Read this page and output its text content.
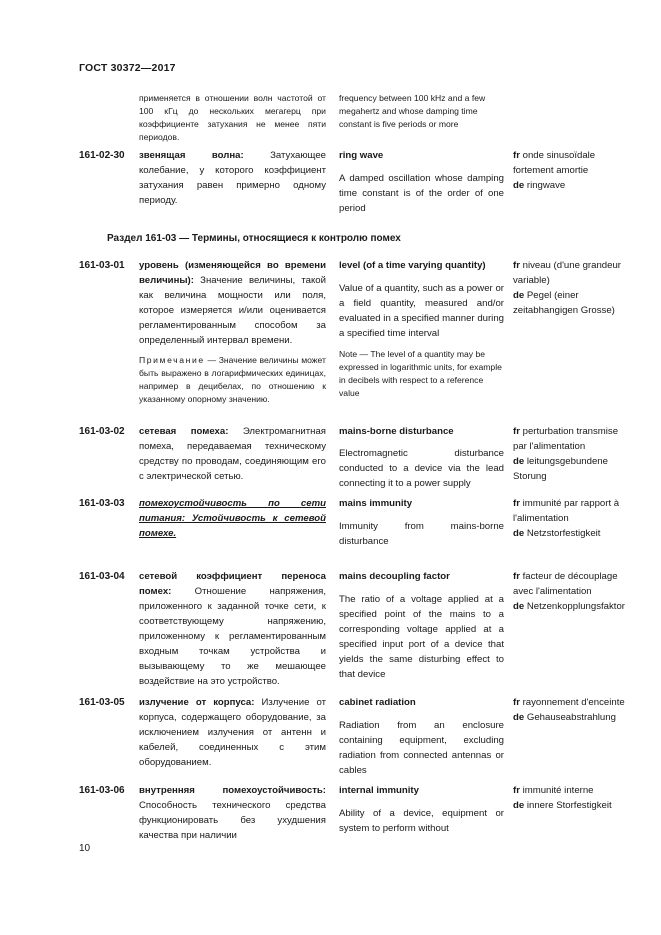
ГОСТ 30372—2017
применяется в отношении волн частотой от 100 кГц до нескольких мегагерц при коэффициенте затухания не менее пяти периодов.
frequency between 100 kHz and a few megahertz and whose damping time constant is five periods or more
161-02-30 звенящая волна: Затухающее колебание, у которого коэффициент затухания равен примерно одному периоду.
ring wave
A damped oscillation whose damping time constant is of the order of one period
fr onde sinusoïdale fortement amortie
de ringwave
Раздел 161-03 — Термины, относящиеся к контролю помех
161-03-01 уровень (изменяющейся во времени величины): Значение величины, такой как величина мощности или поля, которое измеряется и/или оценивается регламентированным способом за определенный интервал времени.
Примечание — Значение величины может быть выражено в логарифмических единицах, например в децибелах, по отношению к указанному опорному значению.
level (of a time varying quantity)
Value of a quantity, such as a power or a field quantity, measured and/or evaluated in a specified manner during a specified time interval
Note — The level of a quantity may be expressed in logarithmic units, for example in decibels with respect to a reference value
fr niveau (d'une grandeur variable)
de Pegel (einer zeitabhangigen Grosse)
161-03-02 сетевая помеха: Электромагнитная помеха, передаваемая техническому средству по проводам, соединяющим его с электрической сетью.
mains-borne disturbance
Electromagnetic disturbance conducted to a device via the lead connecting it to a power supply
fr perturbation transmise par l'alimentation
de leitungsgebundene Storung
161-03-03 помехоустойчивость по сети питания: Устойчивость к сетевой помехе.
mains immunity
Immunity from mains-borne disturbance
fr immunité par rapport à l'alimentation
de Netzstorfestigkeit
161-03-04 сетевой коэффициент переноса помех: Отношение напряжения, приложенного к заданной точке сети, к соответствующему напряжению, приложенному к регламентированным входным точкам устройства и вызывающему то же мешающее воздействие на это устройство.
mains decoupling factor
The ratio of a voltage applied at a specified point of the mains to a corresponding voltage applied at a specified input port of a device that yields the same disturbing effect to that device
fr facteur de découplage avec l'alimentation
de Netzenkopplungsfaktor
161-03-05 излучение от корпуса: Излучение от корпуса, содержащего оборудование, за исключением излучения от антенн и кабелей, соединенных с этим оборудованием.
cabinet radiation
Radiation from an enclosure containing equipment, excluding radiation from connected antennas or cables
fr rayonnement d'enceinte
de Gehauseabstrahlung
161-03-06 внутренняя помехоустойчивость: Способность технического средства функционировать без ухудшения качества при наличии
internal immunity
Ability of a device, equipment or system to perform without
fr immunité interne
de innere Storfestigkeit
10
